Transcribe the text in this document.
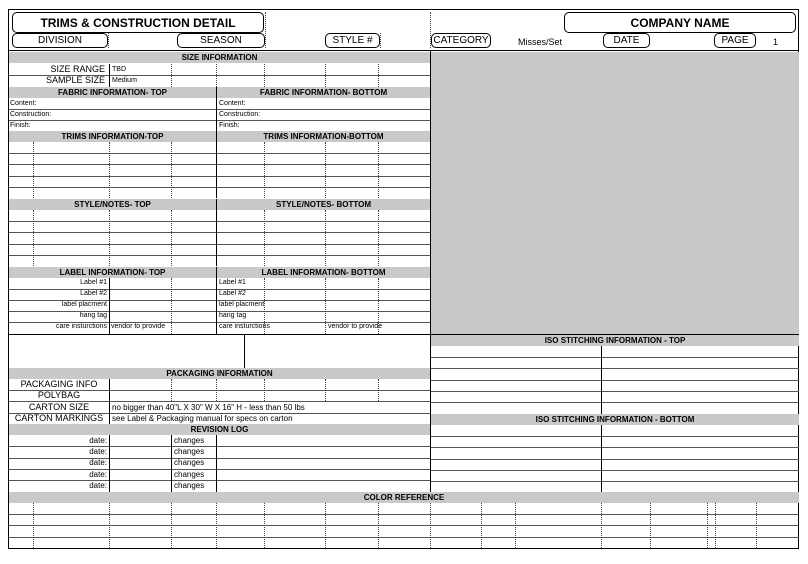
TRIMS & CONSTRUCTION DETAIL	COMPANY NAME
DIVISION	SEASON	STYLE #	CATEGORY	Misses/Set	DATE	PAGE	1
SIZE INFORMATION
SIZE RANGE TBD
SAMPLE SIZE Medium
FABRIC INFORMATION- TOP	FABRIC INFORMATION- BOTTOM
Content:
Construction:
Finish:
Content:
Construction:
Finish:
TRIMS INFORMATION-TOP	TRIMS INFORMATION-BOTTOM
STYLE/NOTES- TOP	STYLE/NOTES- BOTTOM
LABEL INFORMATION- TOP	LABEL INFORMATION- BOTTOM
Label #1
Label #2
label placment
hang tag
care insturctions vendor to provide
Label #1
Label #2
label placment
hang tag
care insturctions	vendor to provide
ISO STITCHING INFORMATION - TOP
ISO STITCHING INFORMATION - BOTTOM
PACKAGING INFORMATION
PACKAGING INFO
POLYBAG
CARTON SIZE	no bigger than 40"L X 30" W X 16" H - less than 50 lbs
CARTON MARKINGS	see Label & Packaging manual for specs on carton
REVISION LOG
date:	changes
date:	changes
date:	changes
date:	changes
date:	changes
COLOR REFERENCE
